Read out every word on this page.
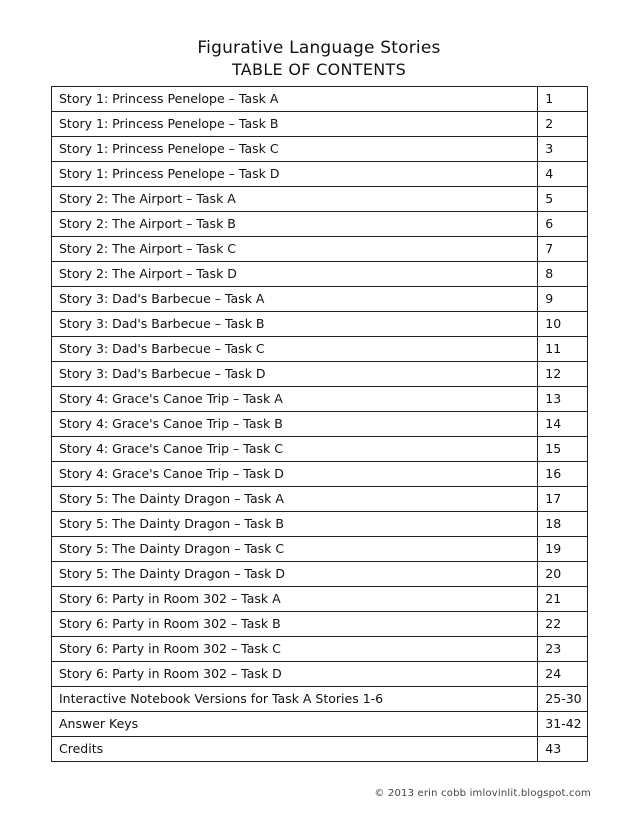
Figurative Language Stories
TABLE OF CONTENTS
Story 1: Princess Penelope – Task A	1
Story 1: Princess Penelope – Task B	2
Story 1: Princess Penelope – Task C	3
Story 1: Princess Penelope – Task D	4
Story 2: The Airport – Task A	5
Story 2: The Airport – Task B	6
Story 2: The Airport – Task C	7
Story 2: The Airport – Task D	8
Story 3: Dad's Barbecue – Task A	9
Story 3: Dad's Barbecue – Task B	10
Story 3: Dad's Barbecue – Task C	11
Story 3: Dad's Barbecue – Task D	12
Story 4: Grace's Canoe Trip – Task A	13
Story 4: Grace's Canoe Trip – Task B	14
Story 4: Grace's Canoe Trip – Task C	15
Story 4: Grace's Canoe Trip – Task D	16
Story 5: The Dainty Dragon – Task A	17
Story 5: The Dainty Dragon – Task B	18
Story 5: The Dainty Dragon – Task C	19
Story 5: The Dainty Dragon – Task D	20
Story 6: Party in Room 302 – Task A	21
Story 6: Party in Room 302 – Task B	22
Story 6: Party in Room 302 – Task C	23
Story 6: Party in Room 302 – Task D	24
Interactive Notebook Versions for Task A Stories 1-6	25-30
Answer Keys	31-42
Credits	43
© 2013 erin cobb imlovinlit.blogspot.com
